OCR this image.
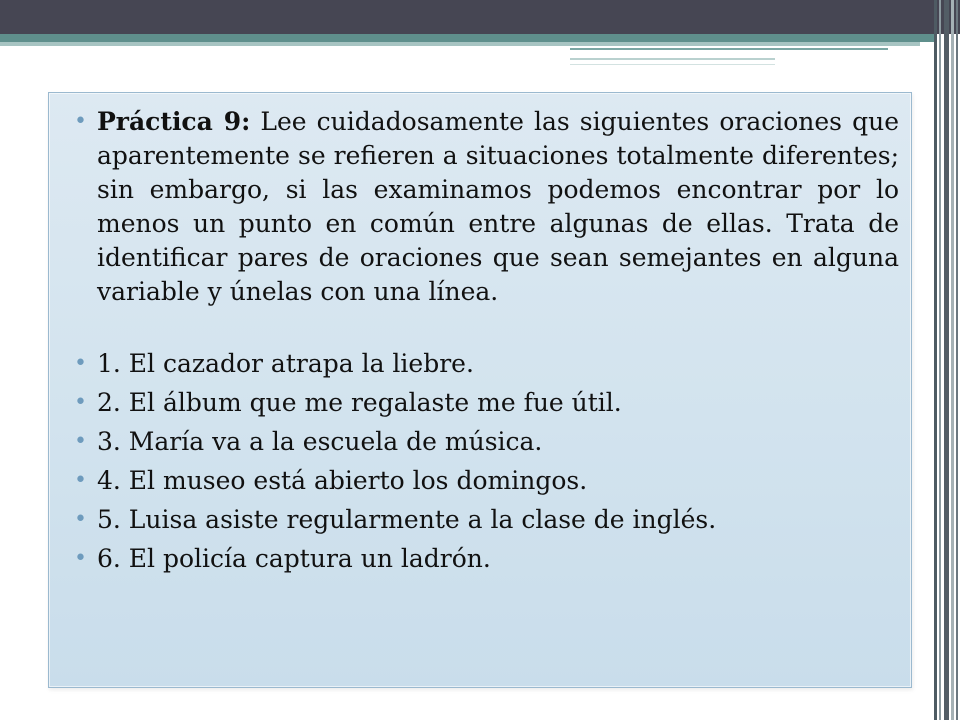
• Práctica 9: Lee cuidadosamente las siguientes oraciones que aparentemente se refieren a situaciones totalmente diferentes; sin embargo, si las examinamos podemos encontrar por lo menos un punto en común entre algunas de ellas. Trata de identificar pares de oraciones que sean semejantes en alguna variable y únelas con una línea.
• 1. El cazador atrapa la liebre.
• 2. El álbum que me regalaste me fue útil.
• 3. María va a la escuela de música.
• 4. El museo está abierto los domingos.
• 5. Luisa asiste regularmente a la clase de inglés.
• 6. El policía captura un ladrón.
